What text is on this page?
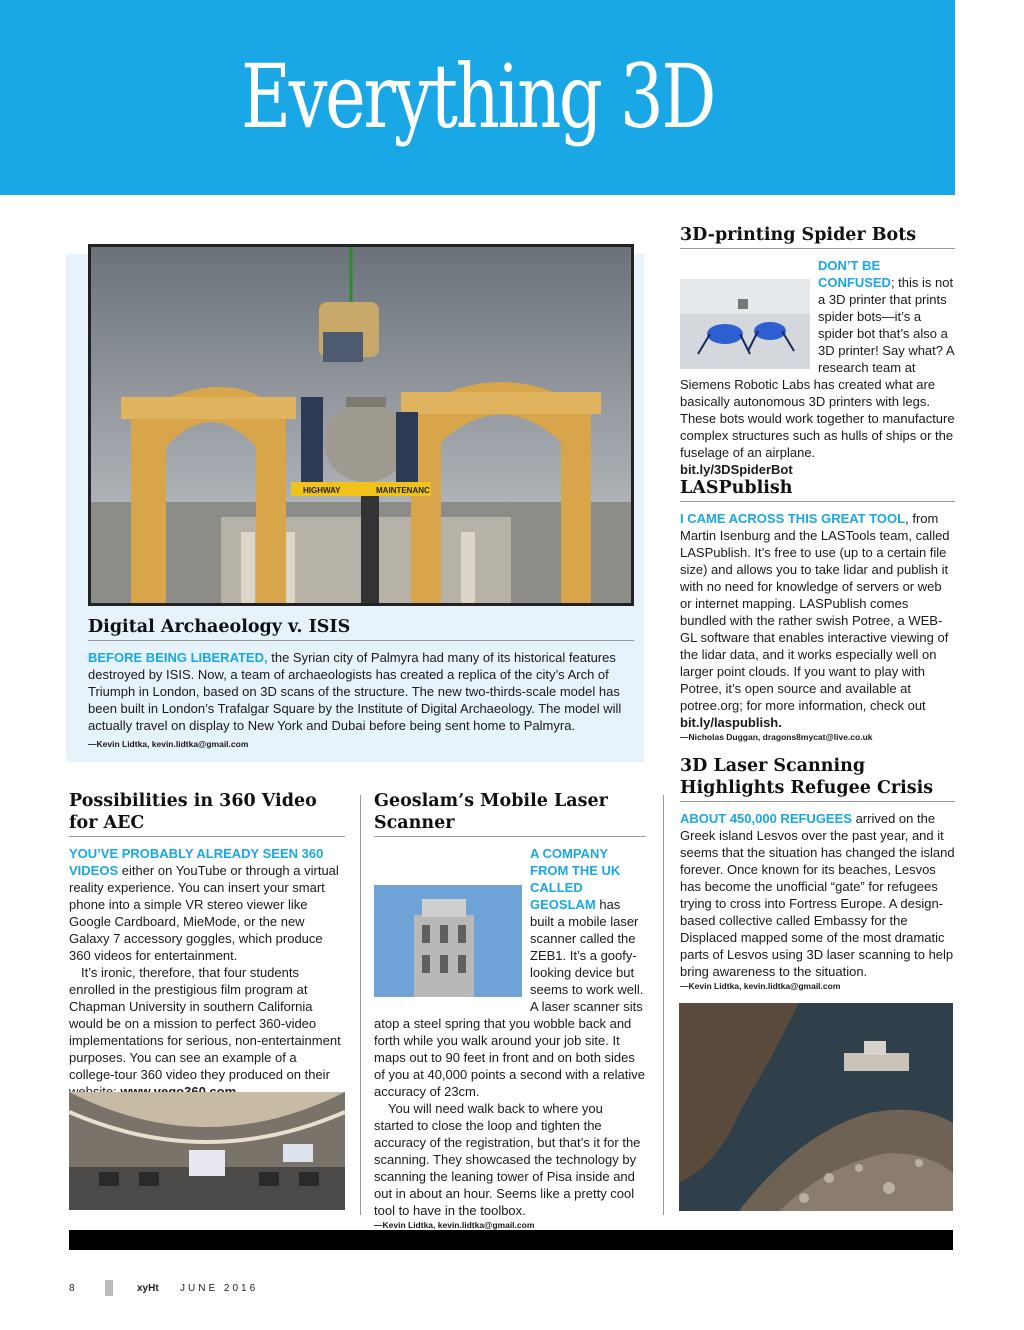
Everything 3D
HIGHWAY	MAINTENANC
Digital Archaeology v. ISIS

BEFORE BEING LIBERATED, the Syrian city of Palmyra had many of its historical features destroyed by ISIS. Now, a team of archaeologists has created a replica of the city’s Arch of Triumph in London, based on 3D scans of the structure. The new two-thirds-scale model has been built in London’s Trafalgar Square by the Institute of Digital Archaeology. The model will actually travel on display to New York and Dubai before being sent home to Palmyra.

—Kevin Lidtka, kevin.lidtka@gmail.com
3D-printing Spider Bots
DON’T BE CONFUSED; this is not a 3D printer that prints spider bots—it’s a spider bot that’s also a 3D printer! Say what? A research team at Siemens Robotic Labs has created what are basically autonomous 3D printers with legs. These bots would work together to manufacture complex structures such as hulls of ships or the fuselage of an airplane.
bit.ly/3DSpiderBot
LASPublish

I CAME ACROSS THIS GREAT TOOL, from Martin Isenburg and the LASTools team, called LASPublish. It’s free to use (up to a certain file size) and allows you to take lidar and publish it with no need for knowledge of servers or web or internet mapping. LASPublish comes bundled with the rather swish Potree, a WEB-GL software that enables interactive viewing of the lidar data, and it works especially well on larger point clouds. If you want to play with Potree, it’s open source and available at potree.org; for more information, check out bit.ly/laspublish.

—Nicholas Duggan, dragons8mycat@live.co.uk
3D Laser Scanning Highlights Refugee Crisis

ABOUT 450,000 REFUGEES arrived on the Greek island Lesvos over the past year, and it seems that the situation has changed the island forever. Once known for its beaches, Lesvos has become the unofficial “gate” for refugees trying to cross into Fortress Europe. A design-based collective called Embassy for the Displaced mapped some of the most dramatic parts of Lesvos using 3D laser scanning to help bring awareness to the situation.

—Kevin Lidtka, kevin.lidtka@gmail.com
Possibilities in 360 Video for AEC

YOU’VE PROBABLY ALREADY SEEN 360 VIDEOS either on YouTube or through a virtual reality experience. You can insert your smart phone into a simple VR stereo viewer like Google Cardboard, MieMode, or the new Galaxy 7 accessory goggles, which produce 360 videos for entertainment.

It’s ironic, therefore, that four students enrolled in the prestigious film program at Chapman University in southern California would be on a mission to perfect 360-video implementations for serious, non-entertainment purposes. You can see an example of a college-tour 360 video they produced on their

Geoslam’s Mobile Laser Scanner
A COMPANY FROM THE UK CALLED GEOSLAM has built a mobile laser scanner called the ZEB1. It’s a goofy- looking device but seems to work well. A laser scanner sits atop a steel spring that you wobble back and forth while you walk around your job site. It maps out to 90 feet in front and on both sides of you at 40,000 points a second with a relative accuracy of 23cm.

You will need walk back to where you started to close the loop and tighten the accuracy of the registration, but that’s it for the scanning. They showcased the technology by scanning the leaning tower of Pisa inside and out in about an hour. Seems like a pretty cool tool to have in the toolbox.

—Kevin Lidtka, kevin.lidtka@gmail.com
8	xyHt JUNE 2016
